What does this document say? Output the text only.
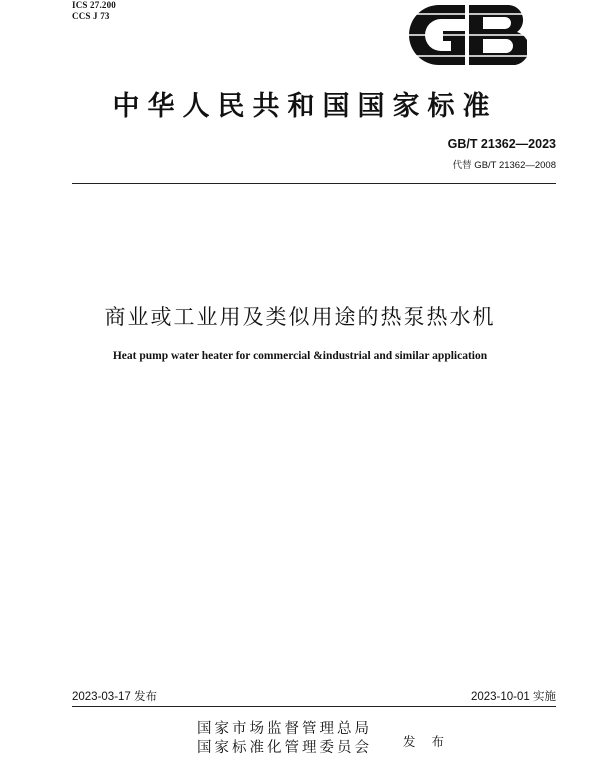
ICS 27.200
CCS J 73
中华人民共和国国家标准
GB/T 21362—2023
代替 GB/T 21362—2008
商业或工业用及类似用途的热泵热水机
Heat pump water heater for commercial &industrial and similar application
2023-03-17 发布	2023-10-01 实施
国家市场监督管理总局
国家标准化管理委员会 发 布
